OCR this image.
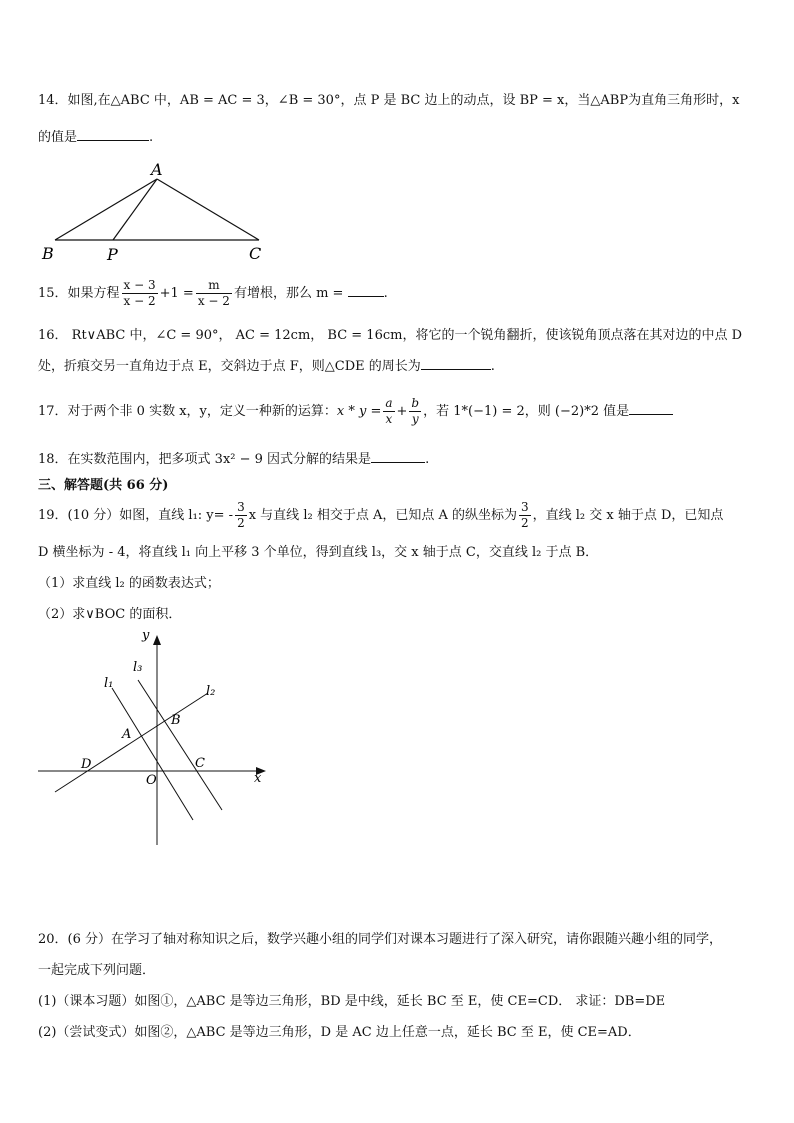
14．如图,在△ABC 中，AB = AC = 3，∠B = 30°，点 P 是 BC 边上的动点，设 BP = x，当△ABP为直角三角形时，x
的值是	.
A
B	P	C
15．如果方程 $\frac{x - 3}{x - 2} +1 = \frac{m}{x - 2}$ 有增根，那么 m =	.
16． Rt∨ABC 中，∠C = 90°， AC = 12cm， BC = 16cm，将它的一个锐角翻折，使该锐角顶点落在其对边的中点 D
处，折痕交另一直角边于点 E，交斜边于点 F，则△CDE 的周长为	.
17．对于两个非 0 实数 x，y，定义一种新的运算：$x * y = \frac{a}{x} + \frac{b}{y}$ ，若 1*(−1) = 2，则 (−2)*2 值是
18．在实数范围内，把多项式 3x² − 9 因式分解的结果是	.
三、解答题(共 66 分)
19．(10 分）如图，直线 l₁: $y= - \frac{3}{2}$ x 与直线 l₂ 相交于点 A，已知点 A 的纵坐标为 $\frac{3}{2}$ ，直线 l₂ 交 x 轴于点 D，已知点
D 横坐标为 - 4，将直线 l₁ 向上平移 3 个单位，得到直线 l₃，交 x 轴于点 C，交直线 l₂ 于点 B．
（1）求直线 l₂ 的函数表达式；
（2）求∨BOC 的面积．
y
x
O
l₁
l₃
l₂
A
B
C
D
20．(6 分）在学习了轴对称知识之后，数学兴趣小组的同学们对课本习题进行了深入研究，请你跟随兴趣小组的同学，
一起完成下列问题．
(1)（课本习题）如图①，△ABC 是等边三角形，BD 是中线，延长 BC 至 E，使 CE=CD． 求证：DB=DE
(2)（尝试变式）如图②，△ABC 是等边三角形，D 是 AC 边上任意一点，延长 BC 至 E，使 CE=AD．
